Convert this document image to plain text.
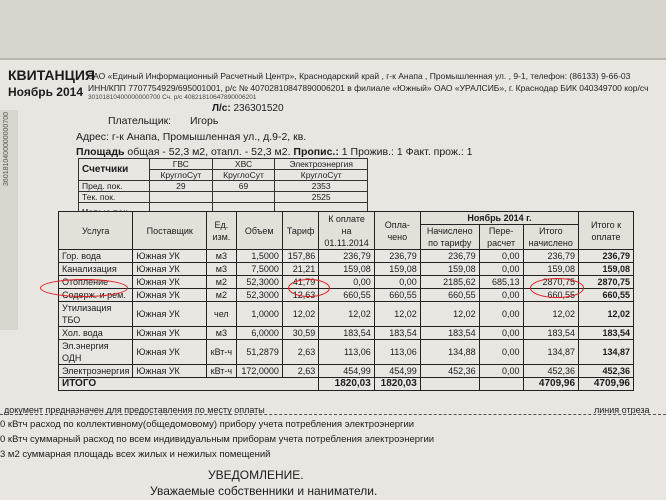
3601810400000000700
КВИТАНЦИЯ
Ноябрь 2014
ЗАО «Единый Информационный Расчетный Центр», Краснодарский край , г-к Анапа , Промышленная ул. , 9-1, телефон: (86133) 9-66-03
ИНН/КПП 7707754929/695001001, р/с № 40702810847890006201 в филиале «Южный» ОАО «УРАЛСИБ», г. Краснодар БИК 040349700 кор/сч
30101810400000000700 Сч. р/с 40821810647890006201
Л/с: 236301520
Плательщик: Игорь
Адрес: г-к Анапа, Промышленная ул., д.9-2, кв.
Площадь общая - 52,3 м2, отапл. - 52,3 м2. Пропис.: 1 Прожив.: 1 Факт. прож.: 1
Счетчики	ГВС	ХВС	Электроэнергия
	КруглоСут	КруглоСут	КруглоСут
Пред. пок.	29	69	2353
Тек. пок.			2525

Услуга	Поставщик	Ед. изм.	Объем	Тариф	К оплате на 01.11.2014	Опла- чено	Ноябрь 2014 г.			Итого к оплате
							Начислено по тарифу	Пере- расчет	Итого начислено	
Гор. вода	Южная УК	м3	1,5000	157,86	236,79	236,79	236,79	0,00	236,79	236,79
Канализация	Южная УК	м3	7,5000	21,21	159,08	159,08	159,08	0,00	159,08	159,08
Отопление	Южная УК	м2	52,3000	41,79	0,00	0,00	2185,62	685,13	2870,75	2870,75
Содерж. и рем.	Южная УК	м2	52,3000	12,63	660,55	660,55	660,55	0,00	660,55	660,55
Утилизация ТБО	Южная УК	чел	1,0000	12,02	12,02	12,02	12,02	0,00	12,02	12,02
Хол. вода	Южная УК	м3	6,0000	30,59	183,54	183,54	183,54	0,00	183,54	183,54
Эл.энергия ОДН	Южная УК	кВт-ч	51,2879	2,63	113,06	113,06	134,88	0,00	134,87	134,87
Электроэнергия	Южная УК	кВт-ч	172,0000	2,63	454,99	454,99	452,36	0,00	452,36	452,36
ИТОГО					1820,03	1820,03			4709,96	4709,96
документ предназначен для предоставления по месту оплаты	линия отреза
0 кВтч расход по коллективному(общедомовому) прибору учета потребления электроэнергии
0 кВтч суммарный расход по всем индивидуальным приборам учета потребления электроэнергии
3 м2 суммарная площадь всех жилых и нежилых помещений
УВЕДОМЛЕНИЕ.
Уважаемые собственники и наниматели.
